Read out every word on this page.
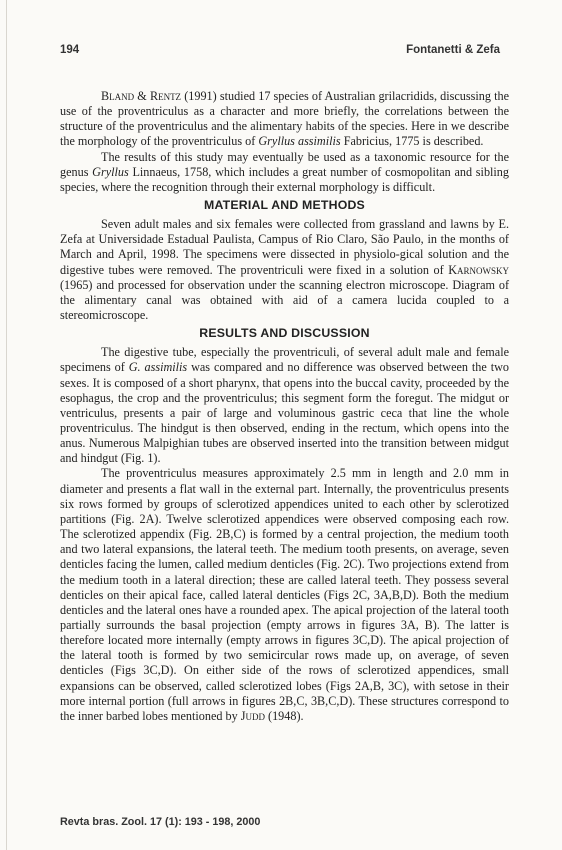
194	Fontanetti & Zefa

Bland & Rentz (1991) studied 17 species of Australian grilacridids, discussing the use of the proventriculus as a character and more briefly, the correlations between the structure of the proventriculus and the alimentary habits of the species. Here in we describe the morphology of the proventriculus of Gryllus assimilis Fabricius, 1775 is described.

The results of this study may eventually be used as a taxonomic resource for the genus Gryllus Linnaeus, 1758, which includes a great number of cosmopolitan and sibling species, where the recognition through their external morphology is difficult.

MATERIAL AND METHODS

Seven adult males and six females were collected from grassland and lawns by E. Zefa at Universidade Estadual Paulista, Campus of Rio Claro, São Paulo, in the months of March and April, 1998. The specimens were dissected in physiolo-gical solution and the digestive tubes were removed. The proventriculi were fixed in a solution of Karnowsky (1965) and processed for observation under the scanning electron microscope. Diagram of the alimentary canal was obtained with aid of a camera lucida coupled to a stereomicroscope.

RESULTS AND DISCUSSION

The digestive tube, especially the proventriculi, of several adult male and female specimens of G. assimilis was compared and no difference was observed between the two sexes. It is composed of a short pharynx, that opens into the buccal cavity, proceeded by the esophagus, the crop and the proventriculus; this segment form the foregut. The midgut or ventriculus, presents a pair of large and voluminous gastric ceca that line the whole proventriculus. The hindgut is then observed, ending in the rectum, which opens into the anus. Numerous Malpighian tubes are observed inserted into the transition between midgut and hindgut (Fig. 1).

The proventriculus measures approximately 2.5 mm in length and 2.0 mm in diameter and presents a flat wall in the external part. Internally, the proventriculus presents six rows formed by groups of sclerotized appendices united to each other by sclerotized partitions (Fig. 2A). Twelve sclerotized appendices were observed composing each row. The sclerotized appendix (Fig. 2B,C) is formed by a central projection, the medium tooth and two lateral expansions, the lateral teeth. The medium tooth presents, on average, seven denticles facing the lumen, called medium denticles (Fig. 2C). Two projections extend from the medium tooth in a lateral direction; these are called lateral teeth. They possess several denticles on their apical face, called lateral denticles (Figs 2C, 3A,B,D). Both the medium denticles and the lateral ones have a rounded apex. The apical projection of the lateral tooth partially surrounds the basal projection (empty arrows in figures 3A, B). The latter is therefore located more internally (empty arrows in figures 3C,D). The apical projection of the lateral tooth is formed by two semicircular rows made up, on average, of seven denticles (Figs 3C,D). On either side of the rows of sclerotized appendices, small expansions can be observed, called sclerotized lobes (Figs 2A,B, 3C), with setose in their more internal portion (full arrows in figures 2B,C, 3B,C,D). These structures correspond to the inner barbed lobes mentioned by Judd (1948).

Revta bras. Zool. 17 (1): 193 - 198, 2000
